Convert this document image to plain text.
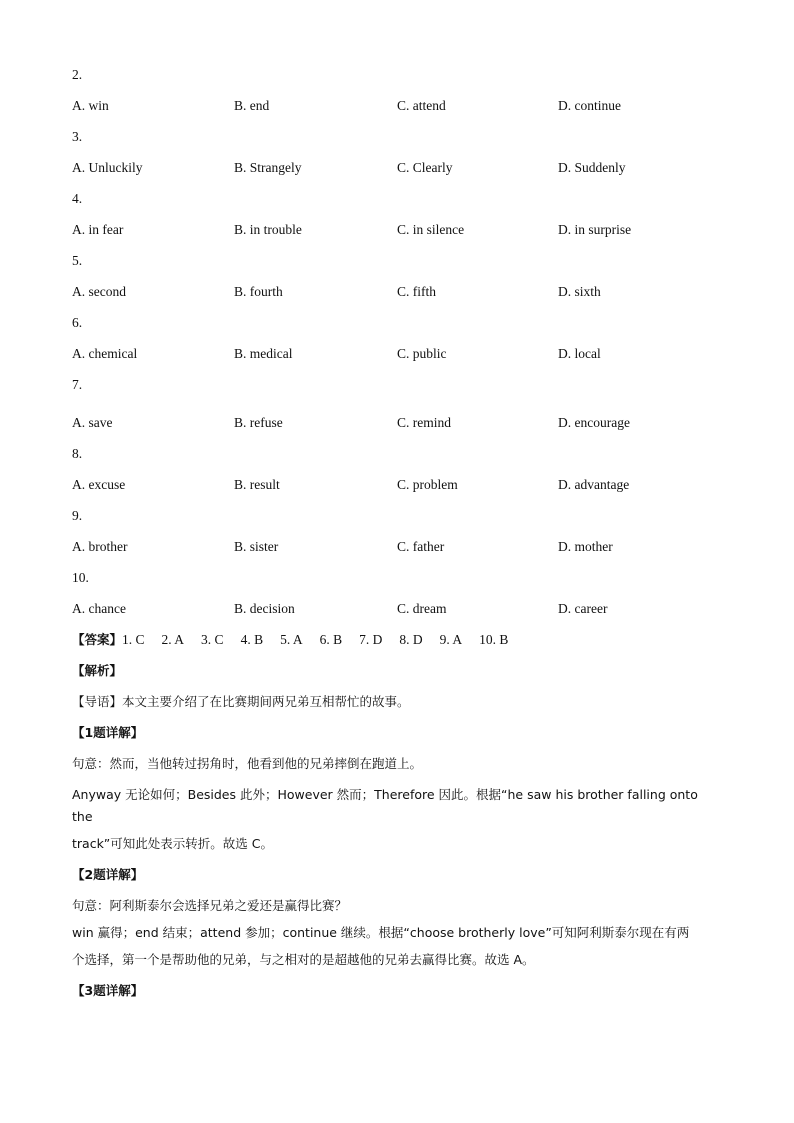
2.
A. win	B. end	C. attend	D. continue
3.
A. Unluckily	B. Strangely	C. Clearly	D. Suddenly
4.
A. in fear	B. in trouble	C. in silence	D. in surprise
5.
A. second	B. fourth	C. fifth	D. sixth
6.
A. chemical	B. medical	C. public	D. local
7.
A. save	B. refuse	C. remind	D. encourage
8.
A. excuse	B. result	C. problem	D. advantage
9.
A. brother	B. sister	C. father	D. mother
10.
A. chance	B. decision	C. dream	D. career
【答案】1. C 2. A 3. C 4. B 5. A 6. B 7. D 8. D 9. A 10. B
【解析】
【导语】本文主要介绍了在比赛期间两兄弟互相帮忙的故事。
【1题详解】
句意：然而，当他转过拐角时，他看到他的兄弟摔倒在跑道上。
Anyway 无论如何；Besides 此外；However 然而；Therefore 因此。根据“he saw his brother falling onto the
track”可知此处表示转折。故选 C。
【2题详解】
句意：阿利斯泰尔会选择兄弟之爱还是赢得比赛？
win 赢得；end 结束；attend 参加；continue 继续。根据“choose brotherly love”可知阿利斯泰尔现在有两
个选择，第一个是帮助他的兄弟，与之相对的是超越他的兄弟去赢得比赛。故选 A。
【3题详解】
